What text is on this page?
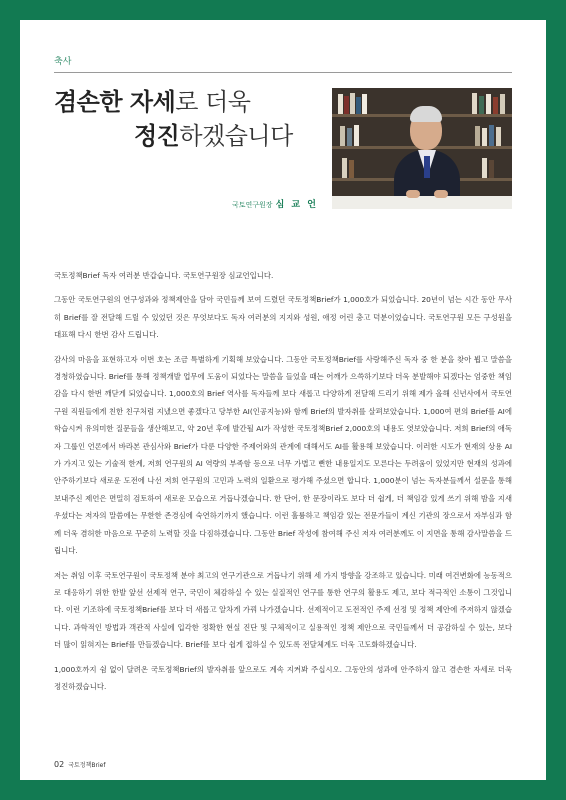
축사
겸손한 자세로 더욱
정진하겠습니다
국토연구원장 심 교 언

국토정책Brief 독자 여러분 반갑습니다. 국토연구원장 심교언입니다.

그동안 국토연구원의 연구성과와 정책제안을 담아 국민들께 보여 드렸던 국토정책Brief가 1,000호가 되었습니다. 20년이 넘는 시간 동안 무사히 Brief를 잘 전달해 드릴 수 있었던 것은 무엇보다도 독자 여러분의 지지와 성원, 애정 어린 충고 덕분이었습니다. 국토연구원 모든 구성원을 대표해 다시 한번 감사 드립니다.

감사의 마음을 표현하고자 이번 호는 조금 특별하게 기획해 보았습니다. 그동안 국토정책Brief를 사랑해주신 독자 중 한 분을 찾아 뵙고 말씀을 경청하였습니다. Brief를 통해 정책개발 업무에 도움이 되었다는 말씀을 들었을 때는 어깨가 으쓱하기보다 더욱 분발해야 되겠다는 엄중한 책임감을 다시 한번 깨닫게 되었습니다. 1,000호의 Brief 역사를 독자들께 보다 새롭고 다양하게 전달해 드리기 위해 제가 올해 신년사에서 국토연구원 직원들에게 친한 친구처럼 지냈으면 좋겠다고 당부한 AI(인공지능)와 함께 Brief의 발자취를 살펴보았습니다. 1,000여 편의 Brief를 AI에 학습시켜 유의미한 질문들을 생산해보고, 약 20년 후에 발간될 AI가 작성한 국토정책Brief 2,000호의 내용도 엿보았습니다. 저희 Brief의 애독자 그룹인 언론에서 바라본 관심사와 Brief가 다룬 다양한 주제어와의 관계에 대해서도 AI를 활용해 보았습니다. 이러한 시도가 현재의 상용 AI가 가지고 있는 기술적 한계, 저희 연구원의 AI 역량의 부족함 등으로 너무 가볍고 뻔한 내용일지도 모른다는 두려움이 있었지만 현재의 성과에 안주하기보다 새로운 도전에 나선 저희 연구원의 고민과 노력의 일환으로 평가해 주셨으면 합니다. 1,000분이 넘는 독자분들께서 설문을 통해 보내주신 제언은 면밀히 검토하여 새로운 모습으로 거듭나겠습니다. 한 단어, 한 문장이라도 보다 더 쉽게, 더 책임감 있게 쓰기 위해 밤을 지새우셨다는 저자의 말씀에는 무한한 존경심에 숙연하기까지 했습니다. 이런 훌륭하고 책임감 있는 전문가들이 계신 기관의 장으로서 자부심과 함께 더욱 겸허한 마음으로 꾸준히 노력할 것을 다짐하겠습니다. 그동안 Brief 작성에 참여해 주신 저자 여러분께도 이 지면을 통해 감사말씀을 드립니다.

저는 취임 이후 국토연구원이 국토정책 분야 최고의 연구기관으로 거듭나기 위해 세 가지 방향을 강조하고 있습니다. 미래 여건변화에 능동적으로 대응하기 위한 한발 앞선 선제적 연구, 국민이 체감하실 수 있는 실질적인 연구를 통한 연구의 활용도 제고, 보다 적극적인 소통이 그것입니다. 이런 기조하에 국토정책Brief를 보다 더 새롭고 알차게 가꿔 나가겠습니다. 선제적이고 도전적인 주제 선정 및 정책 제안에 주저하지 않겠습니다. 과학적인 방법과 객관적 사실에 입각한 정확한 현실 진단 및 구체적이고 실용적인 정책 제안으로 국민들께서 더 공감하실 수 있는, 보다 더 많이 읽혀지는 Brief를 만들겠습니다. Brief를 보다 쉽게 접하실 수 있도록 전달체계도 더욱 고도화하겠습니다.

1,000호까지 쉼 없이 달려온 국토정책Brief의 발자취를 앞으로도 계속 지켜봐 주십시오. 그동안의 성과에 안주하지 않고 겸손한 자세로 더욱 정진하겠습니다.

02 국토정책Brief
